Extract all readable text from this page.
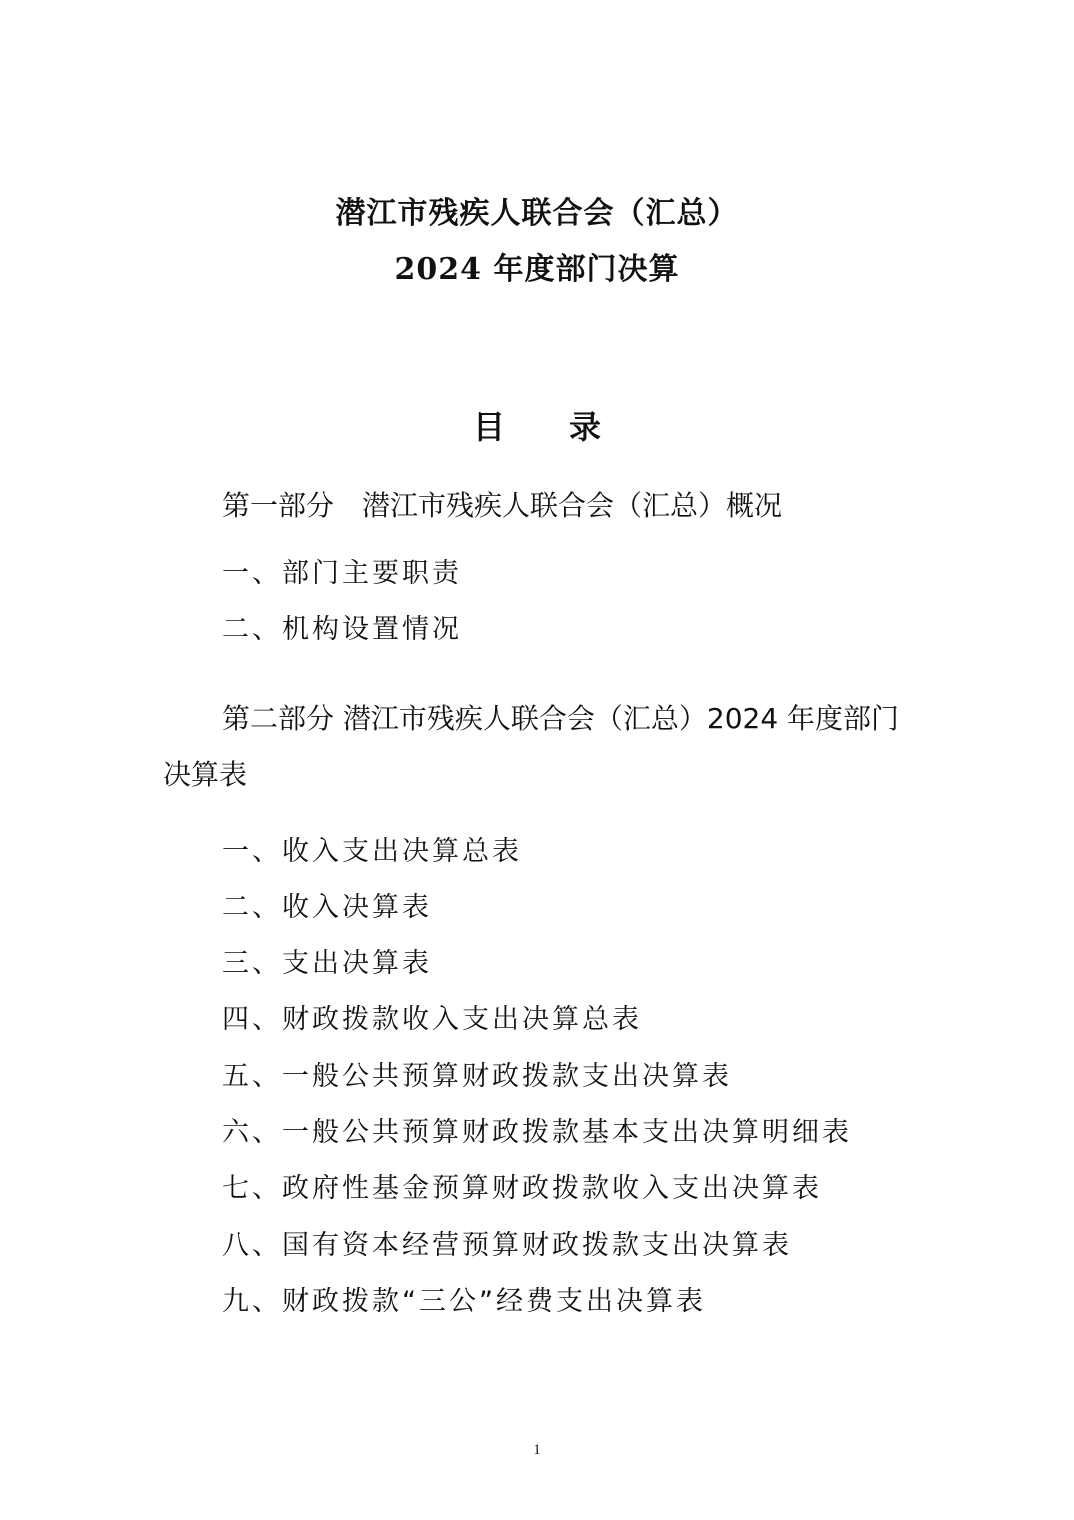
潜江市残疾人联合会（汇总）
2024 年度部门决算
目　　录
第一部分　潜江市残疾人联合会（汇总）概况
一、部门主要职责
二、机构设置情况
第二部分 潜江市残疾人联合会（汇总）2024 年度部门
决算表
一、收入支出决算总表
二、收入决算表
三、支出决算表
四、财政拨款收入支出决算总表
五、一般公共预算财政拨款支出决算表
六、一般公共预算财政拨款基本支出决算明细表
七、政府性基金预算财政拨款收入支出决算表
八、国有资本经营预算财政拨款支出决算表
九、财政拨款“三公”经费支出决算表
1
